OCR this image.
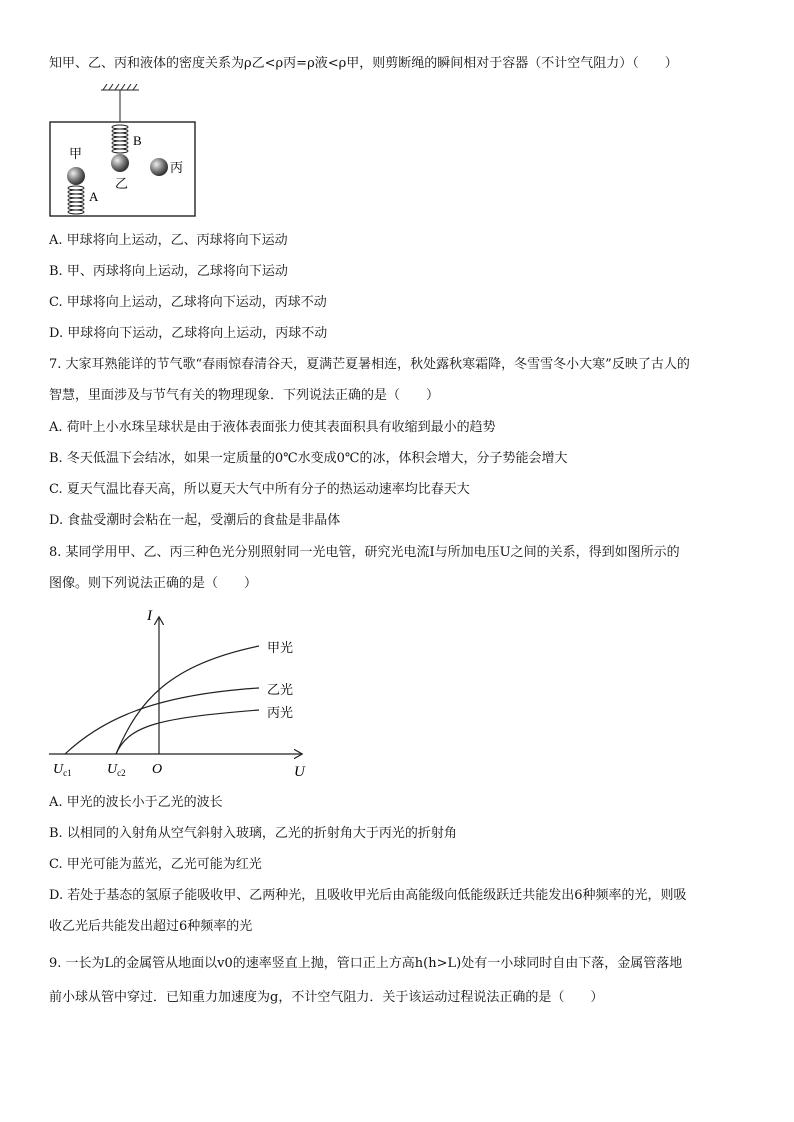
知甲、乙、丙和液体的密度关系为ρ乙<ρ丙=ρ液<ρ甲，则剪断绳的瞬间相对于容器（不计空气阻力）（　　）
B
A
甲
乙
丙
A. 甲球将向上运动，乙、丙球将向下运动
B. 甲、丙球将向上运动，乙球将向下运动
C. 甲球将向上运动，乙球将向下运动，丙球不动
D. 甲球将向下运动，乙球将向上运动，丙球不动
7. 大家耳熟能详的节气歌“春雨惊春清谷天，夏满芒夏暑相连，秋处露秋寒霜降，冬雪雪冬小大寒”反映了古人的
智慧，里面涉及与节气有关的物理现象．下列说法正确的是（　　）
A. 荷叶上小水珠呈球状是由于液体表面张力使其表面积具有收缩到最小的趋势
B. 冬天低温下会结冰，如果一定质量的0℃水变成0℃的冰，体积会增大，分子势能会增大
C. 夏天气温比春天高，所以夏天大气中所有分子的热运动速率均比春天大
D. 食盐受潮时会粘在一起，受潮后的食盐是非晶体
8. 某同学用甲、乙、丙三种色光分别照射同一光电管，研究光电流I与所加电压U之间的关系，得到如图所示的
图像。则下列说法正确的是（　　）
I
U
O
$U_{c1}$	$U_{c2}$
甲光
乙光
丙光
A. 甲光的波长小于乙光的波长
B. 以相同的入射角从空气斜射入玻璃，乙光的折射角大于丙光的折射角
C. 甲光可能为蓝光，乙光可能为红光
D. 若处于基态的氢原子能吸收甲、乙两种光，且吸收甲光后由高能级向低能级跃迁共能发出6种频率的光，则吸
收乙光后共能发出超过6种频率的光
9. 一长为L的金属管从地面以v0的速率竖直上抛，管口正上方高h(h>L)处有一小球同时自由下落，金属管落地
前小球从管中穿过．已知重力加速度为g，不计空气阻力．关于该运动过程说法正确的是（　　）
